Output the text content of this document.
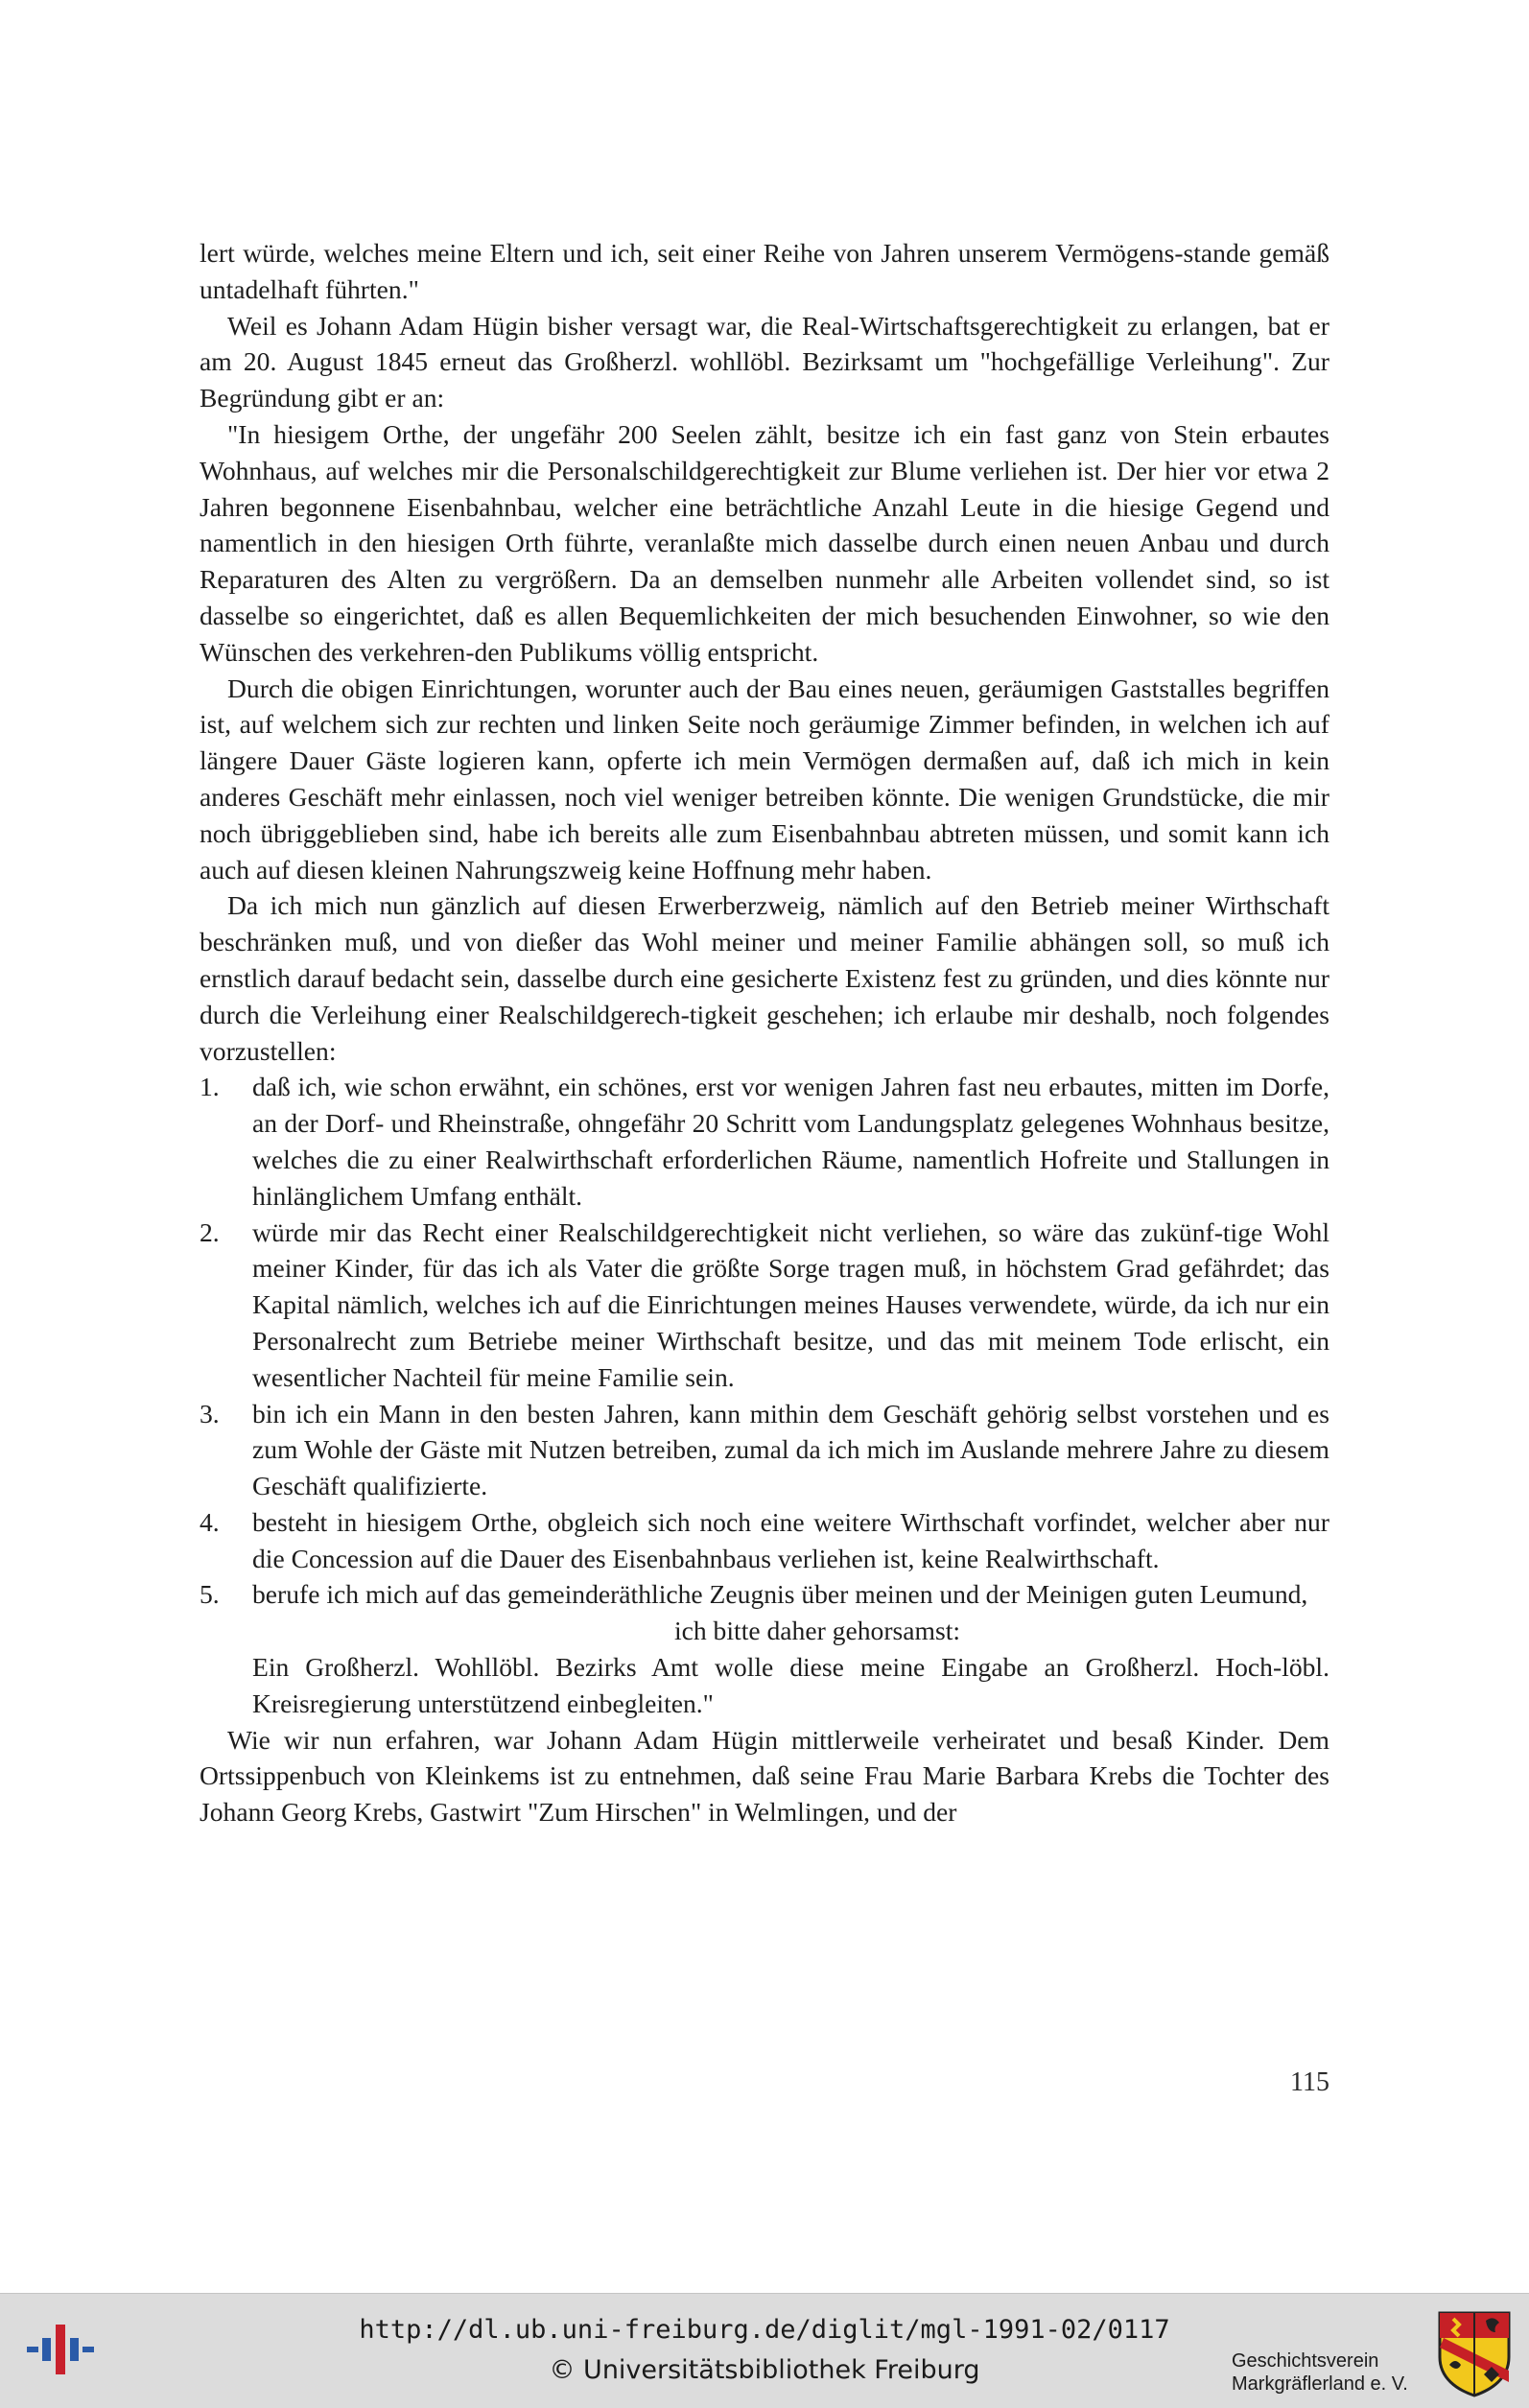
lert würde, welches meine Eltern und ich, seit einer Reihe von Jahren unserem Vermögens-stande gemäß untadelhaft führten."

Weil es Johann Adam Hügin bisher versagt war, die Real-Wirtschaftsgerechtigkeit zu erlangen, bat er am 20. August 1845 erneut das Großherzl. wohllöbl. Bezirksamt um "hochgefällige Verleihung". Zur Begründung gibt er an:

"In hiesigem Orthe, der ungefähr 200 Seelen zählt, besitze ich ein fast ganz von Stein erbautes Wohnhaus, auf welches mir die Personalschildgerechtigkeit zur Blume verliehen ist. Der hier vor etwa 2 Jahren begonnene Eisenbahnbau, welcher eine beträchtliche Anzahl Leute in die hiesige Gegend und namentlich in den hiesigen Orth führte, veranlaßte mich dasselbe durch einen neuen Anbau und durch Reparaturen des Alten zu vergrößern. Da an demselben nunmehr alle Arbeiten vollendet sind, so ist dasselbe so eingerichtet, daß es allen Bequemlichkeiten der mich besuchenden Einwohner, so wie den Wünschen des verkehren-den Publikums völlig entspricht.

Durch die obigen Einrichtungen, worunter auch der Bau eines neuen, geräumigen Gaststalles begriffen ist, auf welchem sich zur rechten und linken Seite noch geräumige Zimmer befinden, in welchen ich auf längere Dauer Gäste logieren kann, opferte ich mein Vermögen dermaßen auf, daß ich mich in kein anderes Geschäft mehr einlassen, noch viel weniger betreiben könnte. Die wenigen Grundstücke, die mir noch übriggeblieben sind, habe ich bereits alle zum Eisenbahnbau abtreten müssen, und somit kann ich auch auf diesen kleinen Nahrungszweig keine Hoffnung mehr haben.

Da ich mich nun gänzlich auf diesen Erwerberzweig, nämlich auf den Betrieb meiner Wirthschaft beschränken muß, und von dießer das Wohl meiner und meiner Familie abhängen soll, so muß ich ernstlich darauf bedacht sein, dasselbe durch eine gesicherte Existenz fest zu gründen, und dies könnte nur durch die Verleihung einer Realschildgerech-tigkeit geschehen; ich erlaube mir deshalb, noch folgendes vorzustellen:

1. daß ich, wie schon erwähnt, ein schönes, erst vor wenigen Jahren fast neu erbautes, mitten im Dorfe, an der Dorf- und Rheinstraße, ohngefähr 20 Schritt vom Landungsplatz gelegenes Wohnhaus besitze, welches die zu einer Realwirthschaft erforderlichen Räume, namentlich Hofreite und Stallungen in hinlänglichem Umfang enthält.
2. würde mir das Recht einer Realschildgerechtigkeit nicht verliehen, so wäre das zukünf-tige Wohl meiner Kinder, für das ich als Vater die größte Sorge tragen muß, in höchstem Grad gefährdet; das Kapital nämlich, welches ich auf die Einrichtungen meines Hauses verwendete, würde, da ich nur ein Personalrecht zum Betriebe meiner Wirthschaft besitze, und das mit meinem Tode erlischt, ein wesentlicher Nachteil für meine Familie sein.
3. bin ich ein Mann in den besten Jahren, kann mithin dem Geschäft gehörig selbst vorstehen und es zum Wohle der Gäste mit Nutzen betreiben, zumal da ich mich im Auslande mehrere Jahre zu diesem Geschäft qualifizierte.
4. besteht in hiesigem Orthe, obgleich sich noch eine weitere Wirthschaft vorfindet, welcher aber nur die Concession auf die Dauer des Eisenbahnbaus verliehen ist, keine Realwirthschaft.
5. berufe ich mich auf das gemeinderäthliche Zeugnis über meinen und der Meinigen guten Leumund,

ich bitte daher gehorsamst:

Ein Großherzl. Wohllöbl. Bezirks Amt wolle diese meine Eingabe an Großherzl. Hoch-löbl. Kreisregierung unterstützend einbegleiten."

Wie wir nun erfahren, war Johann Adam Hügin mittlerweile verheiratet und besaß Kinder. Dem Ortssippenbuch von Kleinkems ist zu entnehmen, daß seine Frau Marie Barbara Krebs die Tochter des Johann Georg Krebs, Gastwirt "Zum Hirschen" in Welmlingen, und der

115
http://dl.ub.uni-freiburg.de/diglit/mgl-1991-02/0117
© Universitätsbibliothek Freiburg	Geschichtsverein
Markgräflerland e. V.
